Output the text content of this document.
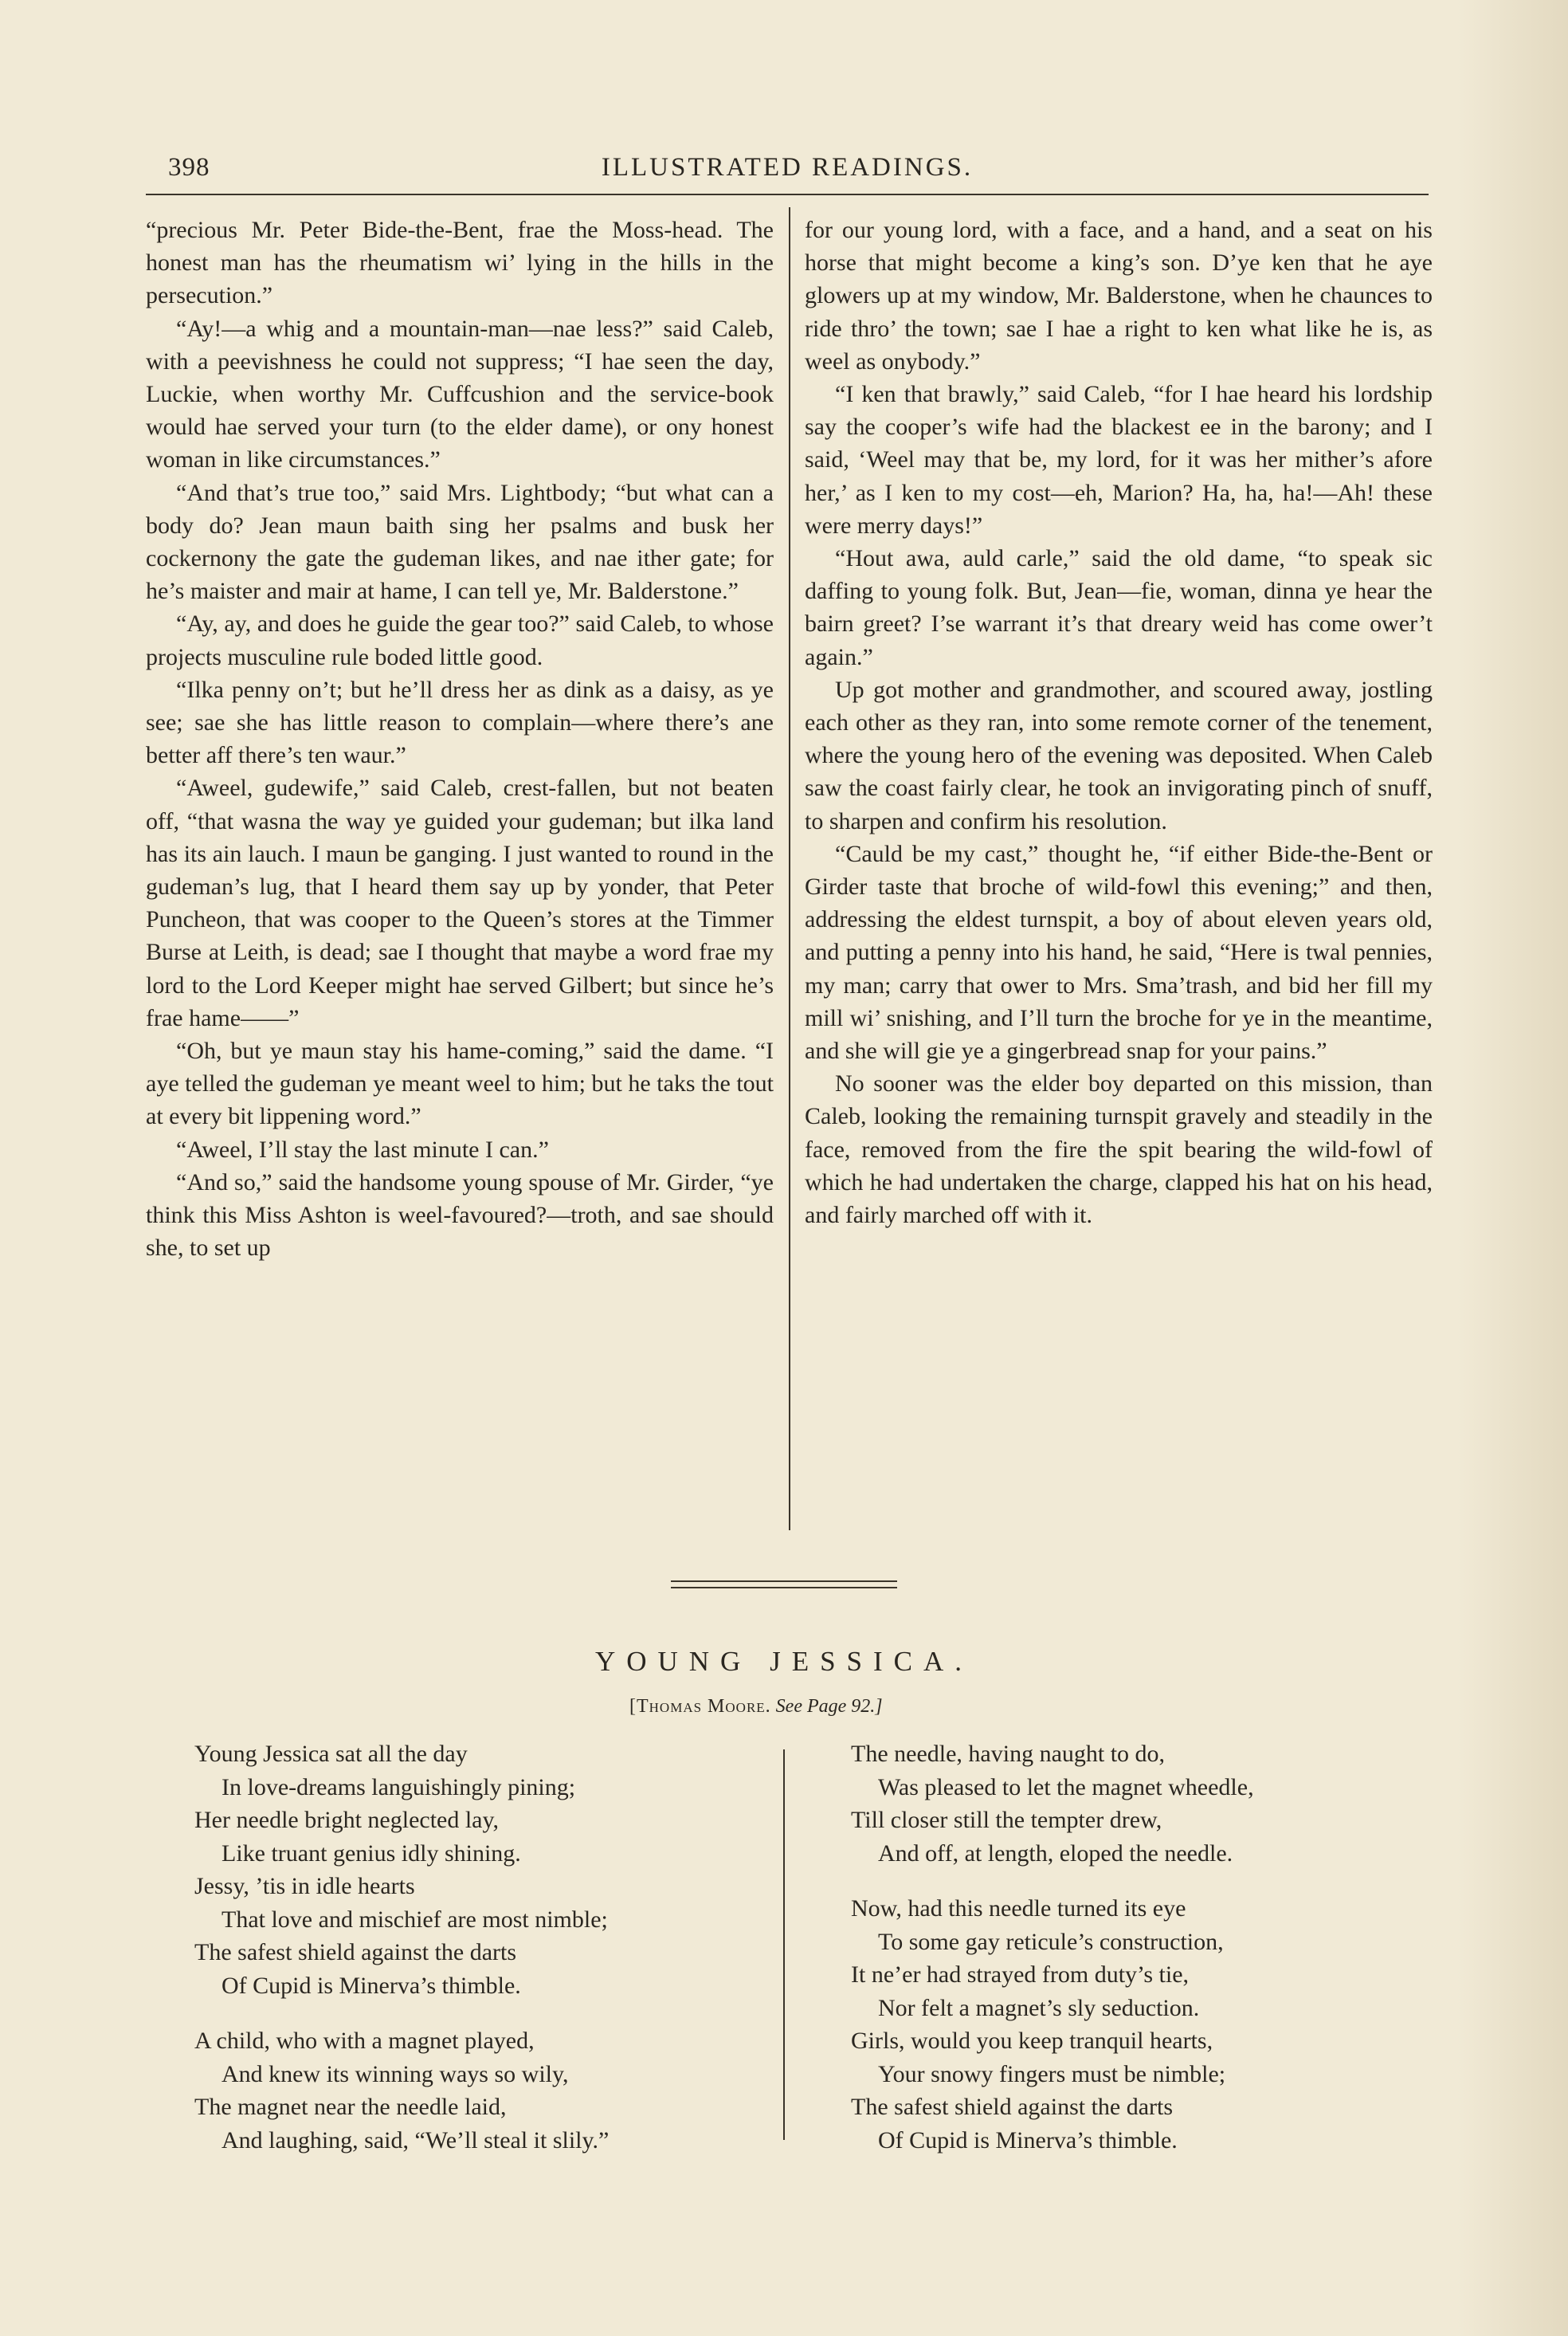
398	ILLUSTRATED READINGS.

“precious Mr. Peter Bide-the-Bent, frae the Moss-head. The honest man has the rheumatism wi’ lying in the hills in the persecution.”

“Ay!—a whig and a mountain-man—nae less?” said Caleb, with a peevishness he could not suppress; “I hae seen the day, Luckie, when worthy Mr. Cuffcushion and the service-book would hae served your turn (to the elder dame), or ony honest woman in like circumstances.”

“And that’s true too,” said Mrs. Lightbody; “but what can a body do? Jean maun baith sing her psalms and busk her cockernony the gate the gudeman likes, and nae ither gate; for he’s maister and mair at hame, I can tell ye, Mr. Balderstone.”

“Ay, ay, and does he guide the gear too?” said Caleb, to whose projects musculine rule boded little good.

“Ilka penny on’t; but he’ll dress her as dink as a daisy, as ye see; sae she has little reason to complain—where there’s ane better aff there’s ten waur.”

“Aweel, gudewife,” said Caleb, crest-fallen, but not beaten off, “that wasna the way ye guided your gudeman; but ilka land has its ain lauch. I maun be ganging. I just wanted to round in the gudeman’s lug, that I heard them say up by yonder, that Peter Puncheon, that was cooper to the Queen’s stores at the Timmer Burse at Leith, is dead; sae I thought that maybe a word frae my lord to the Lord Keeper might hae served Gilbert; but since he’s frae hame——”

“Oh, but ye maun stay his hame-coming,” said the dame. “I aye telled the gudeman ye meant weel to him; but he taks the tout at every bit lippening word.”

“Aweel, I’ll stay the last minute I can.”

“And so,” said the handsome young spouse of Mr. Girder, “ye think this Miss Ashton is weel-favoured?—troth, and sae should she, to set up

for our young lord, with a face, and a hand, and a seat on his horse that might become a king’s son. D’ye ken that he aye glowers up at my window, Mr. Balderstone, when he chaunces to ride thro’ the town; sae I hae a right to ken what like he is, as weel as onybody.”

“I ken that brawly,” said Caleb, “for I hae heard his lordship say the cooper’s wife had the blackest ee in the barony; and I said, ‘Weel may that be, my lord, for it was her mither’s afore her,’ as I ken to my cost—eh, Marion? Ha, ha, ha!—Ah! these were merry days!”

“Hout awa, auld carle,” said the old dame, “to speak sic daffing to young folk. But, Jean—fie, woman, dinna ye hear the bairn greet? I’se warrant it’s that dreary weid has come ower’t again.”

Up got mother and grandmother, and scoured away, jostling each other as they ran, into some remote corner of the tenement, where the young hero of the evening was deposited. When Caleb saw the coast fairly clear, he took an invigorating pinch of snuff, to sharpen and confirm his resolution.

“Cauld be my cast,” thought he, “if either Bide-the-Bent or Girder taste that broche of wild-fowl this evening;” and then, addressing the eldest turnspit, a boy of about eleven years old, and putting a penny into his hand, he said, “Here is twal pennies, my man; carry that ower to Mrs. Sma’trash, and bid her fill my mill wi’ snishing, and I’ll turn the broche for ye in the meantime, and she will gie ye a gingerbread snap for your pains.”

No sooner was the elder boy departed on this mission, than Caleb, looking the remaining turnspit gravely and steadily in the face, removed from the fire the spit bearing the wild-fowl of which he had undertaken the charge, clapped his hat on his head, and fairly marched off with it.

YOUNG JESSICA.
[Thomas Moore. See Page 92.]
Young Jessica sat all the day
In love-dreams languishingly pining;
Her needle bright neglected lay,
Like truant genius idly shining.
Jessy, ’tis in idle hearts
That love and mischief are most nimble;
The safest shield against the darts
Of Cupid is Minerva’s thimble.
A child, who with a magnet played,
And knew its winning ways so wily,
The magnet near the needle laid,
And laughing, said, “We’ll steal it slily.”
The needle, having naught to do,
Was pleased to let the magnet wheedle,
Till closer still the tempter drew,
And off, at length, eloped the needle.
Now, had this needle turned its eye
To some gay reticule’s construction,
It ne’er had strayed from duty’s tie,
Nor felt a magnet’s sly seduction.
Girls, would you keep tranquil hearts,
Your snowy fingers must be nimble;
The safest shield against the darts
Of Cupid is Minerva’s thimble.
